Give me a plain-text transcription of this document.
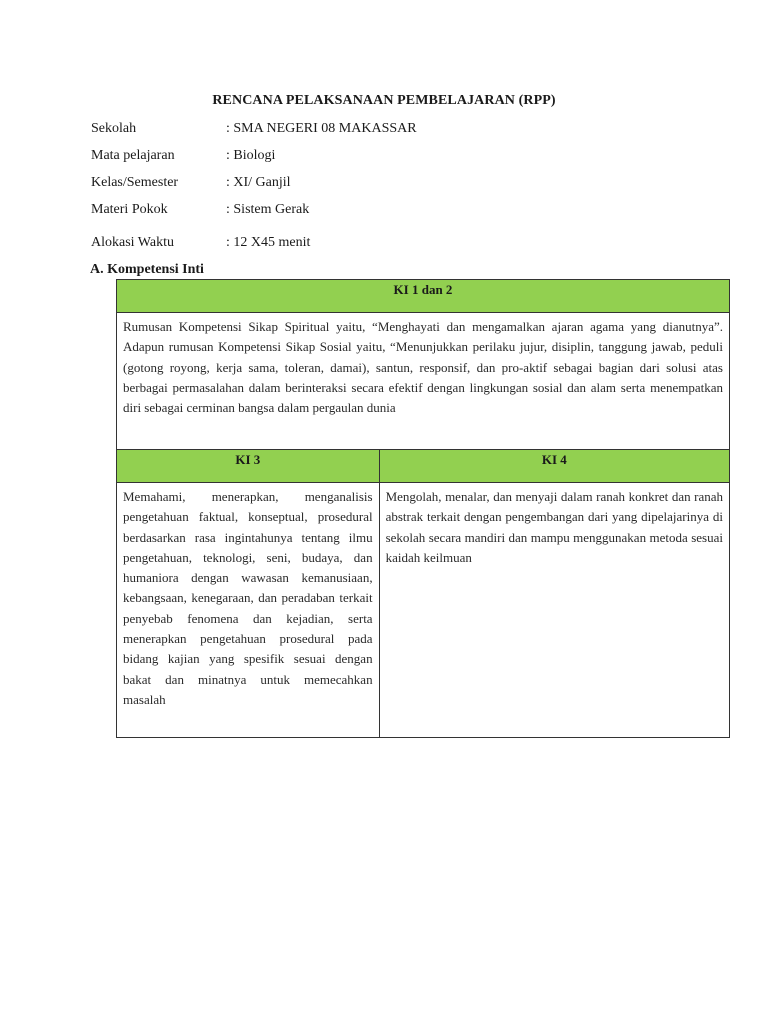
RENCANA PELAKSANAAN PEMBELAJARAN (RPP)
Sekolah	: SMA NEGERI 08 MAKASSAR
Mata pelajaran	: Biologi
Kelas/Semester	: XI/ Ganjil
Materi Pokok	: Sistem Gerak
Alokasi Waktu	: 12 X45 menit
A. Kompetensi Inti
KI 1 dan 2	
Rumusan Kompetensi Sikap Spiritual yaitu, “Menghayati dan mengamalkan ajaran agama yang dianutnya”. Adapun rumusan Kompetensi Sikap Sosial yaitu, “Menunjukkan perilaku jujur, disiplin, tanggung jawab, peduli (gotong royong, kerja sama, toleran, damai), santun, responsif, dan pro-aktif sebagai bagian dari solusi atas berbagai permasalahan dalam berinteraksi secara efektif dengan lingkungan sosial dan alam serta menempatkan diri sebagai cerminan bangsa dalam pergaulan dunia	
KI 3	KI 4
Memahami, menerapkan, menganalisis pengetahuan faktual, konseptual, prosedural berdasarkan rasa ingintahunya tentang ilmu pengetahuan, teknologi, seni, budaya, dan humaniora dengan wawasan kemanusiaan, kebangsaan, kenegaraan, dan peradaban terkait penyebab fenomena dan kejadian, serta menerapkan pengetahuan prosedural pada bidang kajian yang spesifik sesuai dengan bakat dan minatnya untuk memecahkan masalah	Mengolah, menalar, dan menyaji dalam ranah konkret dan ranah abstrak terkait dengan pengembangan dari yang dipelajarinya di sekolah secara mandiri dan mampu menggunakan metoda sesuai kaidah keilmuan
